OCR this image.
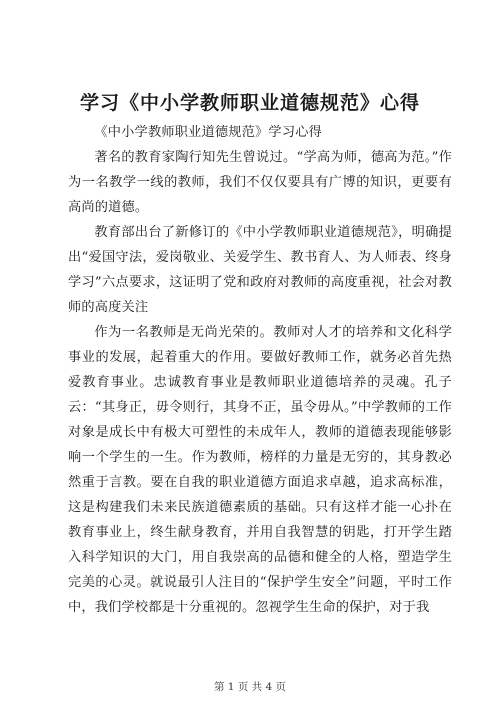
学习《中小学教师职业道德规范》心得

《中小学教师职业道德规范》学习心得

著名的教育家陶行知先生曾说过。“学高为师，德高为范。”作为一名教学一线的教师，我们不仅仅要具有广博的知识，更要有高尚的道德。

教育部出台了新修订的《中小学教师职业道德规范》，明确提出“爱国守法，爱岗敬业、关爱学生、教书育人、为人师表、终身学习”六点要求，这证明了党和政府对教师的高度重视，社会对教师的高度关注

作为一名教师是无尚光荣的。教师对人才的培养和文化科学事业的发展，起着重大的作用。要做好教师工作，就务必首先热爱教育事业。忠诚教育事业是教师职业道德培养的灵魂。孔子云：“其身正，毋令则行，其身不正，虽令毋从。”中学教师的工作对象是成长中有极大可塑性的未成年人，教师的道德表现能够影响一个学生的一生。作为教师，榜样的力量是无穷的，其身教必然重于言教。要在自我的职业道德方面追求卓越，追求高标准，这是构建我们未来民族道德素质的基础。只有这样才能一心扑在教育事业上，终生献身教育，并用自我智慧的钥匙，打开学生踏入科学知识的大门，用自我崇高的品德和健全的人格，塑造学生完美的心灵。就说最引人注目的“保护学生安全”问题，平时工作中，我们学校都是十分重视的。忽视学生生命的保护，对于我

第 1 页 共 4 页
